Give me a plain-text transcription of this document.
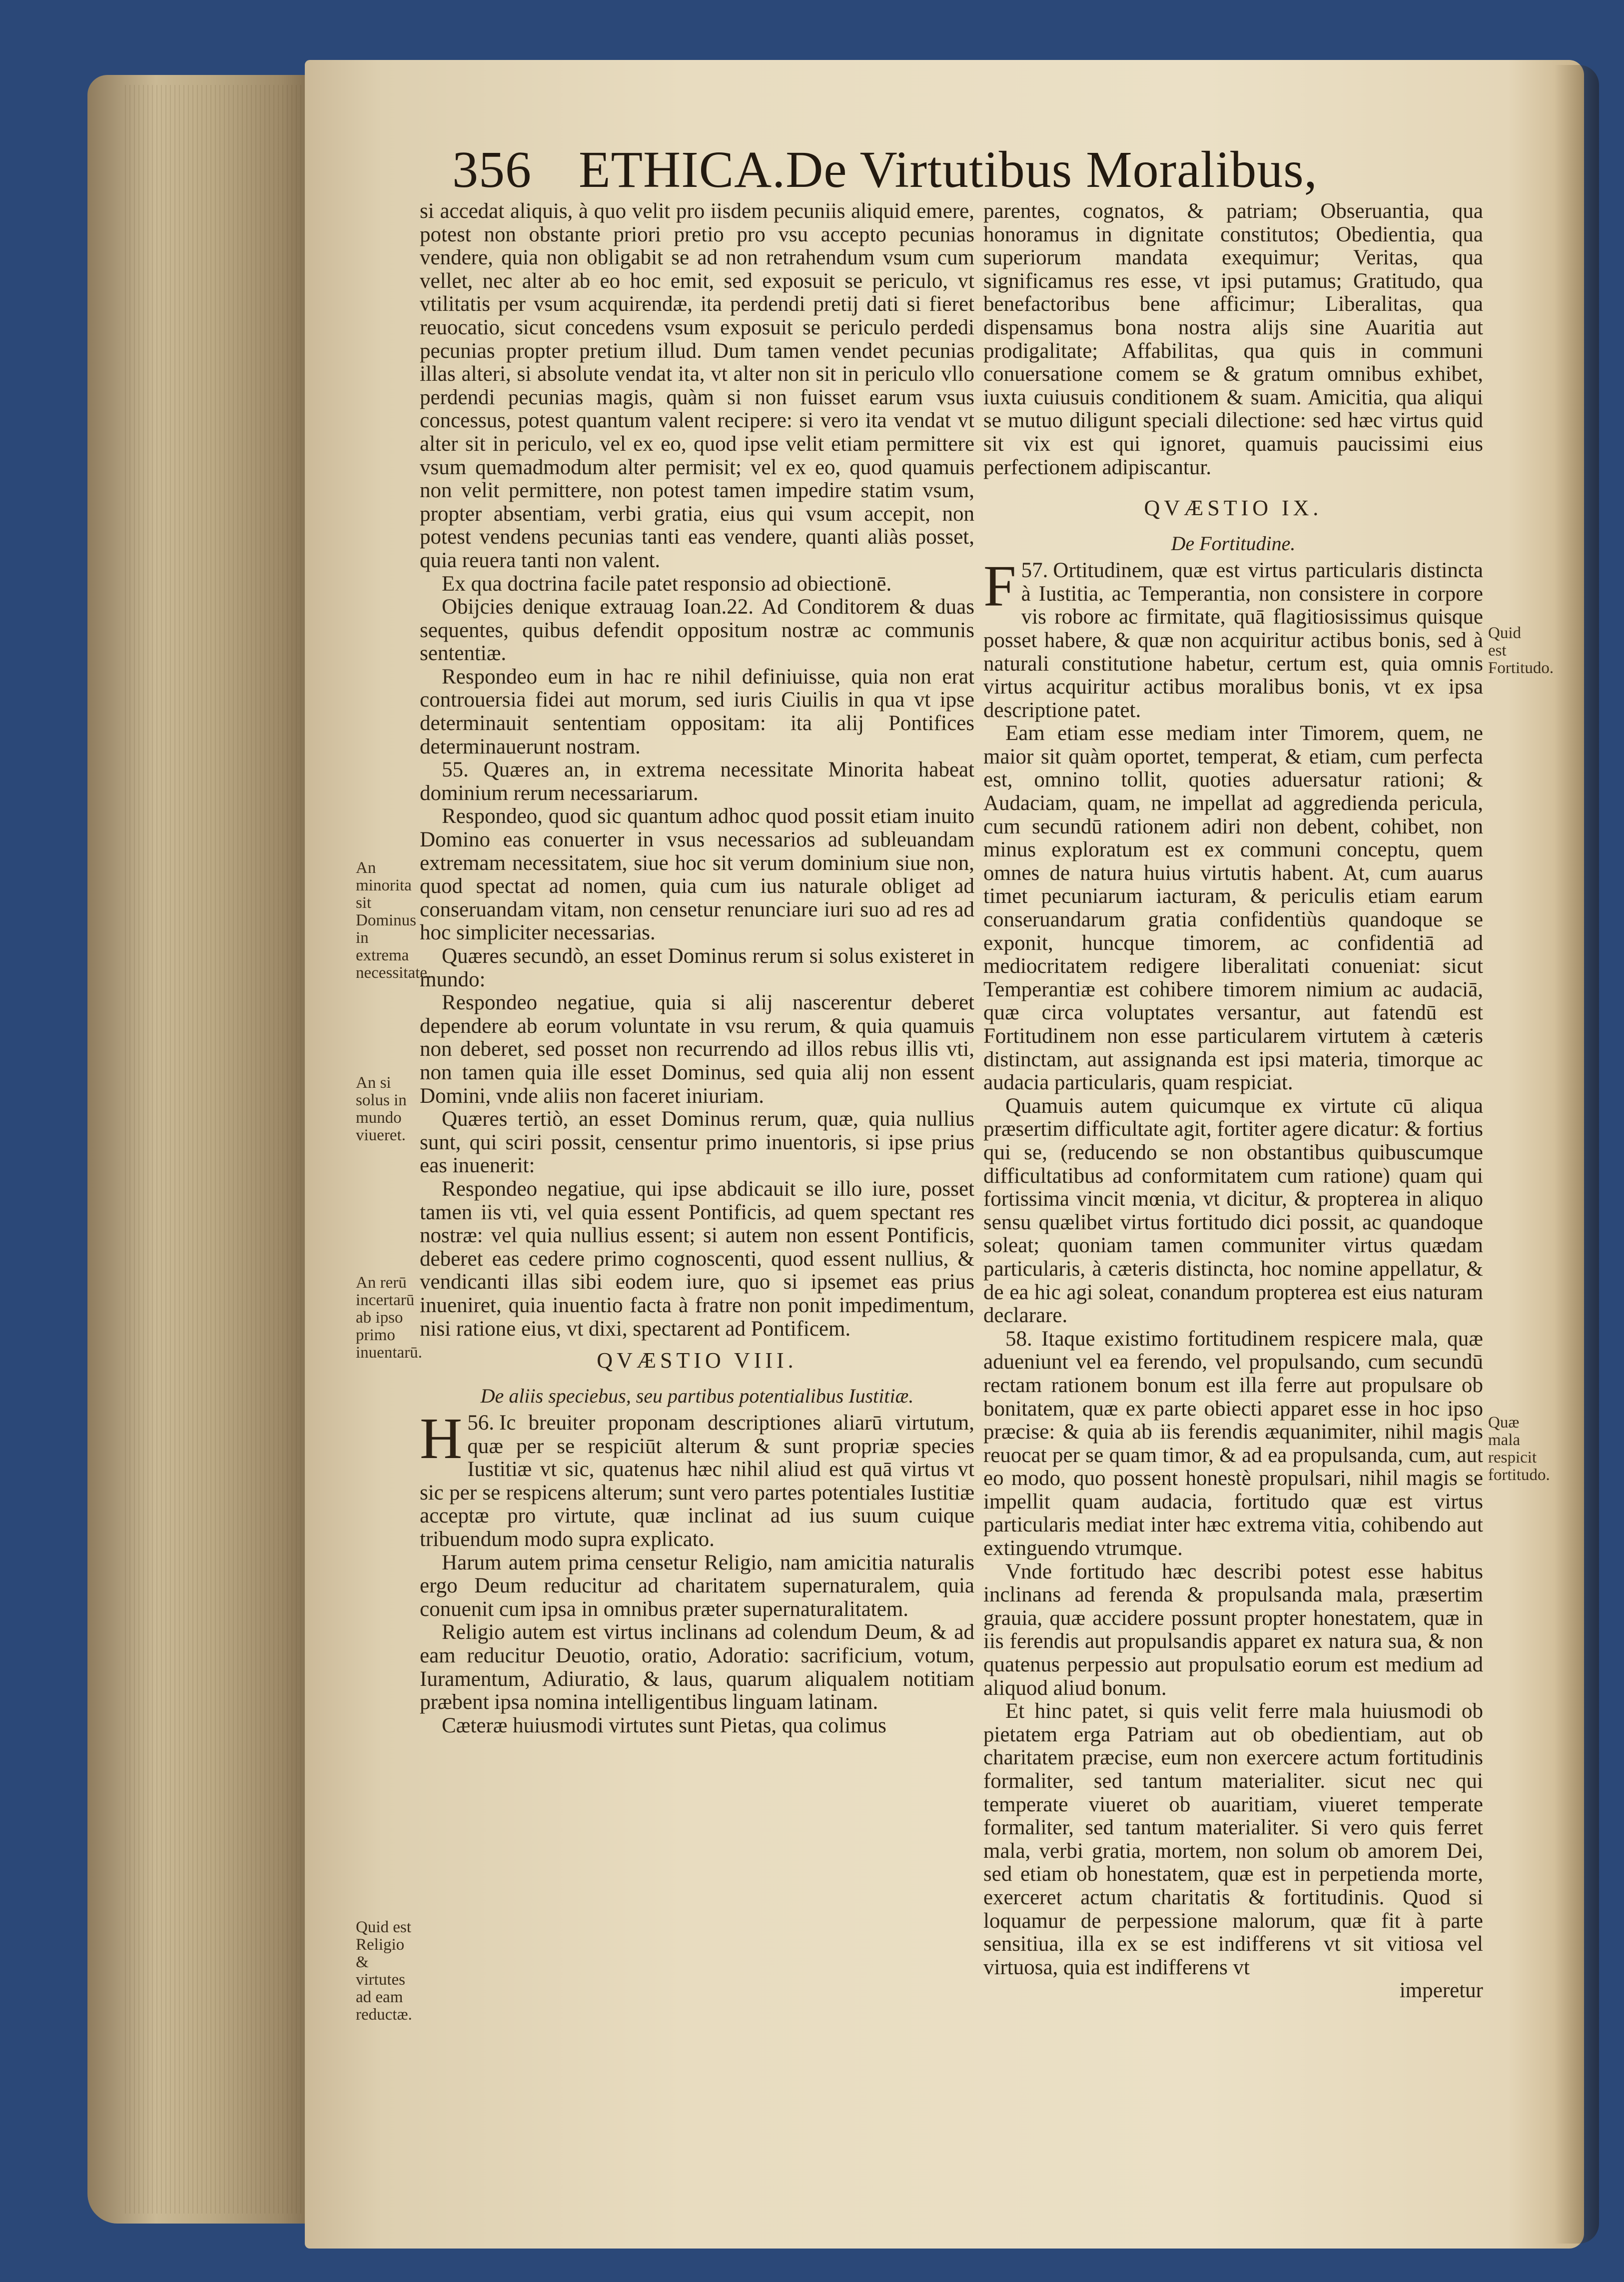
356 ETHICA.De Virtutibus Moralibus,

si accedat aliquis, à quo velit pro iisdem pecuniis aliquid emere, potest non obstante priori pretio pro vsu accepto pecunias vendere, quia non obligabit se ad non retrahendum vsum cum vellet, nec alter ab eo hoc emit, sed exposuit se periculo, vt vtilitatis per vsum acquirendæ, ita perdendi pretij dati si fieret reuocatio, sicut concedens vsum exposuit se periculo perdedi pecunias propter pretium illud. Dum tamen vendet pecunias illas alteri, si absolute vendat ita, vt alter non sit in periculo vllo perdendi pecunias magis, quàm si non fuisset earum vsus concessus, potest quantum valent recipere: si vero ita vendat vt alter sit in periculo, vel ex eo, quod ipse velit etiam permittere vsum quemadmodum alter permisit; vel ex eo, quod quamuis non velit permittere, non potest tamen impedire statim vsum, propter absentiam, verbi gratia, eius qui vsum accepit, non potest vendens pecunias tanti eas vendere, quanti aliàs posset, quia reuera tanti non valent.

Ex qua doctrina facile patet responsio ad obiectionē.

Obijcies denique extrauag Ioan.22. Ad Conditorem & duas sequentes, quibus defendit oppositum nostræ ac communis sententiæ.

Respondeo eum in hac re nihil definiuisse, quia non erat controuersia fidei aut morum, sed iuris Ciuilis in qua vt ipse determinauit sententiam oppositam: ita alij Pontifices determinauerunt nostram.

55. Quæres an, in extrema necessitate Minorita habeat dominium rerum necessariarum.

Respondeo, quod sic quantum adhoc quod possit etiam inuito Domino eas conuerter in vsus necessarios ad subleuandam extremam necessitatem, siue hoc sit verum dominium siue non, quod spectat ad nomen, quia cum ius naturale obliget ad conseruandam vitam, non censetur renunciare iuri suo ad res ad hoc simpliciter necessarias.

Quæres secundò, an esset Dominus rerum si solus existeret in mundo:

Respondeo negatiue, quia si alij nascerentur deberet dependere ab eorum voluntate in vsu rerum, & quia quamuis non deberet, sed posset non recurrendo ad illos rebus illis vti, non tamen quia ille esset Dominus, sed quia alij non essent Domini, vnde aliis non faceret iniuriam.

Quæres tertiò, an esset Dominus rerum, quæ, quia nullius sunt, qui sciri possit, censentur primo inuentoris, si ipse prius eas inuenerit:

Respondeo negatiue, qui ipse abdicauit se illo iure, posset tamen iis vti, vel quia essent Pontificis, ad quem spectant res nostræ: vel quia nullius essent; si autem non essent Pontificis, deberet eas cedere primo cognoscenti, quod essent nullius, & vendicanti illas sibi eodem iure, quo si ipsemet eas prius inueniret, quia inuentio facta à fratre non ponit impedimentum, nisi ratione eius, vt dixi, spectarent ad Pontificem.

QVÆSTIO VIII.
De aliis speciebus, seu partibus potentialibus Iustitiæ.

56.
H Ic breuiter proponam descriptiones aliarū virtutum, quæ per se respiciūt alterum & sunt propriæ species Iustitiæ vt sic, quatenus hæc nihil aliud est quā virtus vt sic per se respicens alterum; sunt vero partes potentiales Iustitiæ acceptæ pro virtute, quæ inclinat ad ius suum cuique tribuendum modo supra explicato.

Harum autem prima censetur Religio, nam amicitia naturalis ergo Deum reducitur ad charitatem supernaturalem, quia conuenit cum ipsa in omnibus præter supernaturalitatem.

Religio autem est virtus inclinans ad colendum Deum, & ad eam reducitur Deuotio, oratio, Adoratio: sacrificium, votum, Iuramentum, Adiuratio, & laus, quarum aliqualem notitiam præbent ipsa nomina intelligentibus linguam latinam.

Cæteræ huiusmodi virtutes sunt Pietas, qua colimus

An minorita sit Dominus in extrema necessitate.
An si solus in mundo viueret.
An rerū incertarū ab ipso primo inuentarū.
Quid est Religio & virtutes ad eam reductæ.

parentes, cognatos, & patriam; Obseruantia, qua honoramus in dignitate constitutos; Obedientia, qua superiorum mandata exequimur; Veritas, qua significamus res esse, vt ipsi putamus; Gratitudo, qua benefactoribus bene afficimur; Liberalitas, qua dispensamus bona nostra alijs sine Auaritia aut prodigalitate; Affabilitas, qua quis in communi conuersatione comem se & gratum omnibus exhibet, iuxta cuiusuis conditionem & suam. Amicitia, qua aliqui se mutuo diligunt speciali dilectione: sed hæc virtus quid sit vix est qui ignoret, quamuis paucissimi eius perfectionem adipiscantur.

QVÆSTIO IX.
De Fortitudine.

57.
F Ortitudinem, quæ est virtus particularis distincta à Iustitia, ac Temperantia, non consistere in corpore vis robore ac firmitate, quā flagitiosissimus quisque posset habere, & quæ non acquiritur actibus bonis, sed à naturali constitutione habetur, certum est, quia omnis virtus acquiritur actibus moralibus bonis, vt ex ipsa descriptione patet.

Eam etiam esse mediam inter Timorem, quem, ne maior sit quàm oportet, temperat, & etiam, cum perfecta est, omnino tollit, quoties aduersatur rationi; & Audaciam, quam, ne impellat ad aggredienda pericula, cum secundū rationem adiri non debent, cohibet, non minus exploratum est ex communi conceptu, quem omnes de natura huius virtutis habent. At, cum auarus timet pecuniarum iacturam, & periculis etiam earum conseruandarum gratia confidentiùs quandoque se exponit, huncque timorem, ac confidentiā ad mediocritatem redigere liberalitati conueniat: sicut Temperantiæ est cohibere timorem nimium ac audaciā, quæ circa voluptates versantur, aut fatendū est Fortitudinem non esse particularem virtutem à cæteris distinctam, aut assignanda est ipsi materia, timorque ac audacia particularis, quam respiciat.

Quamuis autem quicumque ex virtute cū aliqua præsertim difficultate agit, fortiter agere dicatur: & fortius qui se, (reducendo se non obstantibus quibuscumque difficultatibus ad conformitatem cum ratione) quam qui fortissima vincit mœnia, vt dicitur, & propterea in aliquo sensu quælibet virtus fortitudo dici possit, ac quandoque soleat; quoniam tamen communiter virtus quædam particularis, à cæteris distincta, hoc nomine appellatur, & de ea hic agi soleat, conandum propterea est eius naturam declarare.

58. Itaque existimo fortitudinem respicere mala, quæ adueniunt vel ea ferendo, vel propulsando, cum secundū rectam rationem bonum est illa ferre aut propulsare ob bonitatem, quæ ex parte obiecti apparet esse in hoc ipso præcise: & quia ab iis ferendis æquanimiter, nihil magis reuocat per se quam timor, & ad ea propulsanda, cum, aut eo modo, quo possent honestè propulsari, nihil magis se impellit quam audacia, fortitudo quæ est virtus particularis mediat inter hæc extrema vitia, cohibendo aut extinguendo vtrumque.

Vnde fortitudo hæc describi potest esse habitus inclinans ad ferenda & propulsanda mala, præsertim grauia, quæ accidere possunt propter honestatem, quæ in iis ferendis aut propulsandis apparet ex natura sua, & non quatenus perpessio aut propulsatio eorum est medium ad aliquod aliud bonum.

Et hinc patet, si quis velit ferre mala huiusmodi ob pietatem erga Patriam aut ob obedientiam, aut ob charitatem præcise, eum non exercere actum fortitudinis formaliter, sed tantum materialiter. sicut nec qui temperate viueret ob auaritiam, viueret temperate formaliter, sed tantum materialiter. Si vero quis ferret mala, verbi gratia, mortem, non solum ob amorem Dei, sed etiam ob honestatem, quæ est in perpetienda morte, exerceret actum charitatis & fortitudinis. Quod si loquamur de perpessione malorum, quæ fit à parte sensitiua, illa ex se est indifferens vt sit vitiosa vel virtuosa, quia est indifferens vt

imperetur

Quid est Fortitudo.
Quæ mala respicit fortitudo.
